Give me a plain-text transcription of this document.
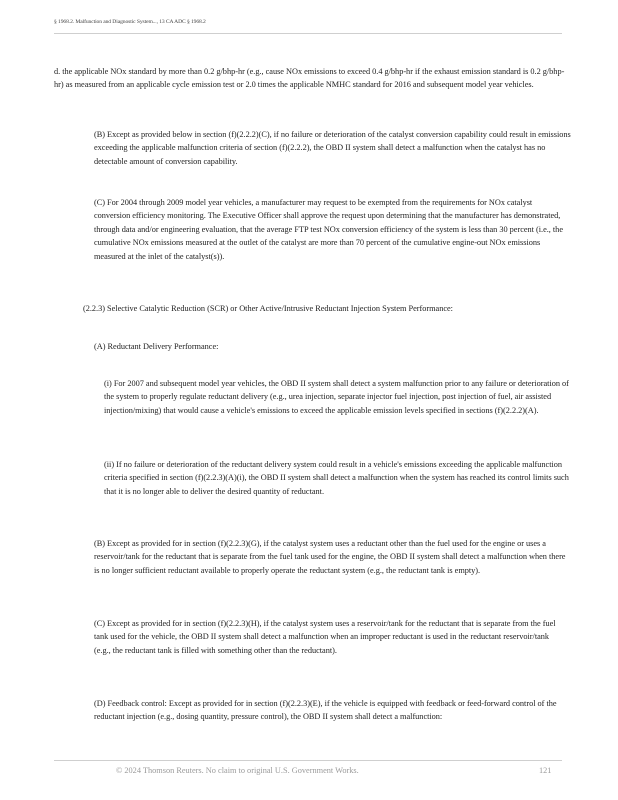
§ 1968.2. Malfunction and Diagnostic System..., 13 CA ADC § 1968.2

d. the applicable NOx standard by more than 0.2 g/bhp-hr (e.g., cause NOx emissions to exceed 0.4 g/bhp-hr if the exhaust emission standard is 0.2 g/bhp-hr) as measured from an applicable cycle emission test or 2.0 times the applicable NMHC standard for 2016 and subsequent model year vehicles.

(B) Except as provided below in section (f)(2.2.2)(C), if no failure or deterioration of the catalyst conversion capability could result in emissions exceeding the applicable malfunction criteria of section (f)(2.2.2), the OBD II system shall detect a malfunction when the catalyst has no detectable amount of conversion capability.

(C) For 2004 through 2009 model year vehicles, a manufacturer may request to be exempted from the requirements for NOx catalyst conversion efficiency monitoring. The Executive Officer shall approve the request upon determining that the manufacturer has demonstrated, through data and/or engineering evaluation, that the average FTP test NOx conversion efficiency of the system is less than 30 percent (i.e., the cumulative NOx emissions measured at the outlet of the catalyst are more than 70 percent of the cumulative engine-out NOx emissions measured at the inlet of the catalyst(s)).

(2.2.3) Selective Catalytic Reduction (SCR) or Other Active/Intrusive Reductant Injection System Performance:

(A) Reductant Delivery Performance:

(i) For 2007 and subsequent model year vehicles, the OBD II system shall detect a system malfunction prior to any failure or deterioration of the system to properly regulate reductant delivery (e.g., urea injection, separate injector fuel injection, post injection of fuel, air assisted injection/mixing) that would cause a vehicle's emissions to exceed the applicable emission levels specified in sections (f)(2.2.2)(A).

(ii) If no failure or deterioration of the reductant delivery system could result in a vehicle's emissions exceeding the applicable malfunction criteria specified in section (f)(2.2.3)(A)(i), the OBD II system shall detect a malfunction when the system has reached its control limits such that it is no longer able to deliver the desired quantity of reductant.

(B) Except as provided for in section (f)(2.2.3)(G), if the catalyst system uses a reductant other than the fuel used for the engine or uses a reservoir/tank for the reductant that is separate from the fuel tank used for the engine, the OBD II system shall detect a malfunction when there is no longer sufficient reductant available to properly operate the reductant system (e.g., the reductant tank is empty).

(C) Except as provided for in section (f)(2.2.3)(H), if the catalyst system uses a reservoir/tank for the reductant that is separate from the fuel tank used for the vehicle, the OBD II system shall detect a malfunction when an improper reductant is used in the reductant reservoir/tank (e.g., the reductant tank is filled with something other than the reductant).

(D) Feedback control: Except as provided for in section (f)(2.2.3)(E), if the vehicle is equipped with feedback or feed-forward control of the reductant injection (e.g., dosing quantity, pressure control), the OBD II system shall detect a malfunction:

© 2024 Thomson Reuters. No claim to original U.S. Government Works.	121
